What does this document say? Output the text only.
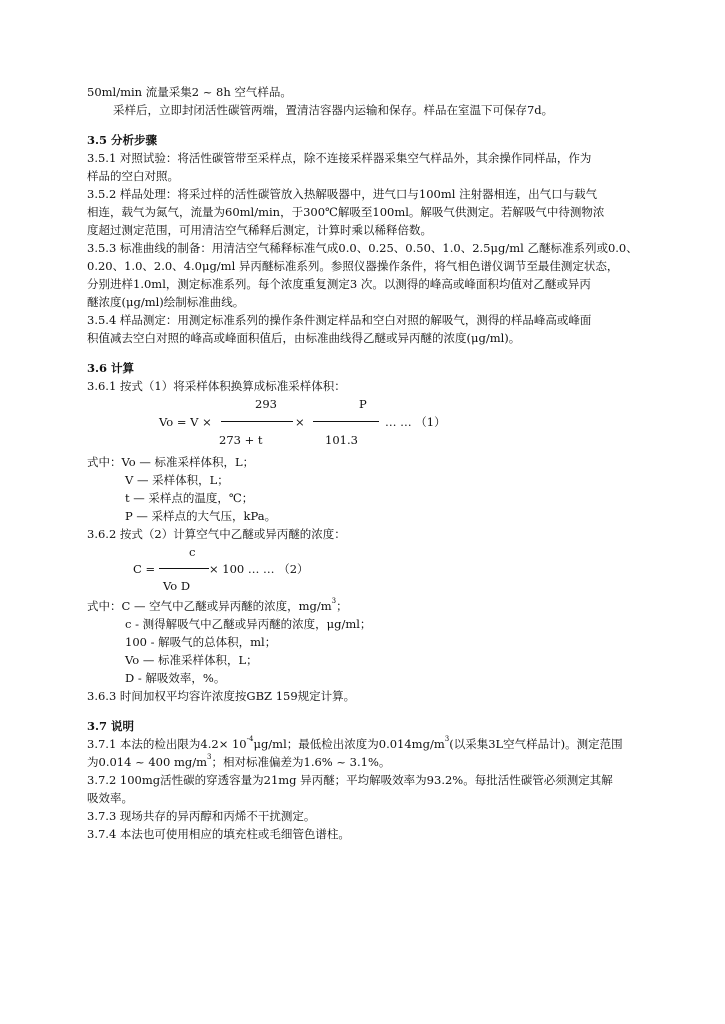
50ml/min 流量采集2 ~ 8h 空气样品。
采样后，立即封闭活性碳管两端，置清洁容器内运输和保存。样品在室温下可保存7d。
3.5 分析步骤
3.5.1 对照试验：将活性碳管带至采样点，除不连接采样器采集空气样品外，其余操作同样品，作为
样品的空白对照。
3.5.2 样品处理：将采过样的活性碳管放入热解吸器中，进气口与100ml 注射器相连，出气口与载气
相连，载气为氮气，流量为60ml/min，于300℃解吸至100ml。解吸气供测定。若解吸气中待测物浓
度超过测定范围，可用清洁空气稀释后测定，计算时乘以稀释倍数。
3.5.3 标准曲线的制备：用清洁空气稀释标准气成0.0、0.25、0.50、1.0、2.5μg/ml 乙醚标准系列或0.0、
0.20、1.0、2.0、4.0μg/ml 异丙醚标准系列。参照仪器操作条件，将气相色谱仪调节至最佳测定状态，
分别进样1.0ml，测定标准系列。每个浓度重复测定3 次。以测得的峰高或峰面积均值对乙醚或异丙
醚浓度(μg/ml)绘制标准曲线。
3.5.4 样品测定：用测定标准系列的操作条件测定样品和空白对照的解吸气，测得的样品峰高或峰面
积值减去空白对照的峰高或峰面积值后，由标准曲线得乙醚或异丙醚的浓度(μg/ml)。
3.6 计算
3.6.1 按式（1）将采样体积换算成标准采样体积：
293	P
Vo = V ×	×	… … （1）
273 + t	101.3
式中：Vo — 标准采样体积，L；
V — 采样体积，L；
t — 采样点的温度，℃；
P — 采样点的大气压，kPa。
3.6.2 按式（2）计算空气中乙醚或异丙醚的浓度：
c
C =	× 100 … … （2）
Vo D
式中：C — 空气中乙醚或异丙醚的浓度，$mg/m^3$；
c - 测得解吸气中乙醚或异丙醚的浓度，μg/ml；
100 - 解吸气的总体积，ml；
Vo — 标准采样体积，L；
D - 解吸效率，%。
3.6.3 时间加权平均容许浓度按GBZ 159规定计算。
3.7 说明
3.7.1 本法的检出限为$4.2\times 10^{-4}\mu g/ml$；最低检出浓度为$0.014mg/m^3$(以采集3L空气样品计)。测定范围
为0.014 ~ 400 $mg/m^3$；相对标准偏差为1.6% ~ 3.1%。
3.7.2 100mg活性碳的穿透容量为21mg 异丙醚；平均解吸效率为93.2%。每批活性碳管必须测定其解
吸效率。
3.7.3 现场共存的异丙醇和丙烯不干扰测定。
3.7.4 本法也可使用相应的填充柱或毛细管色谱柱。
